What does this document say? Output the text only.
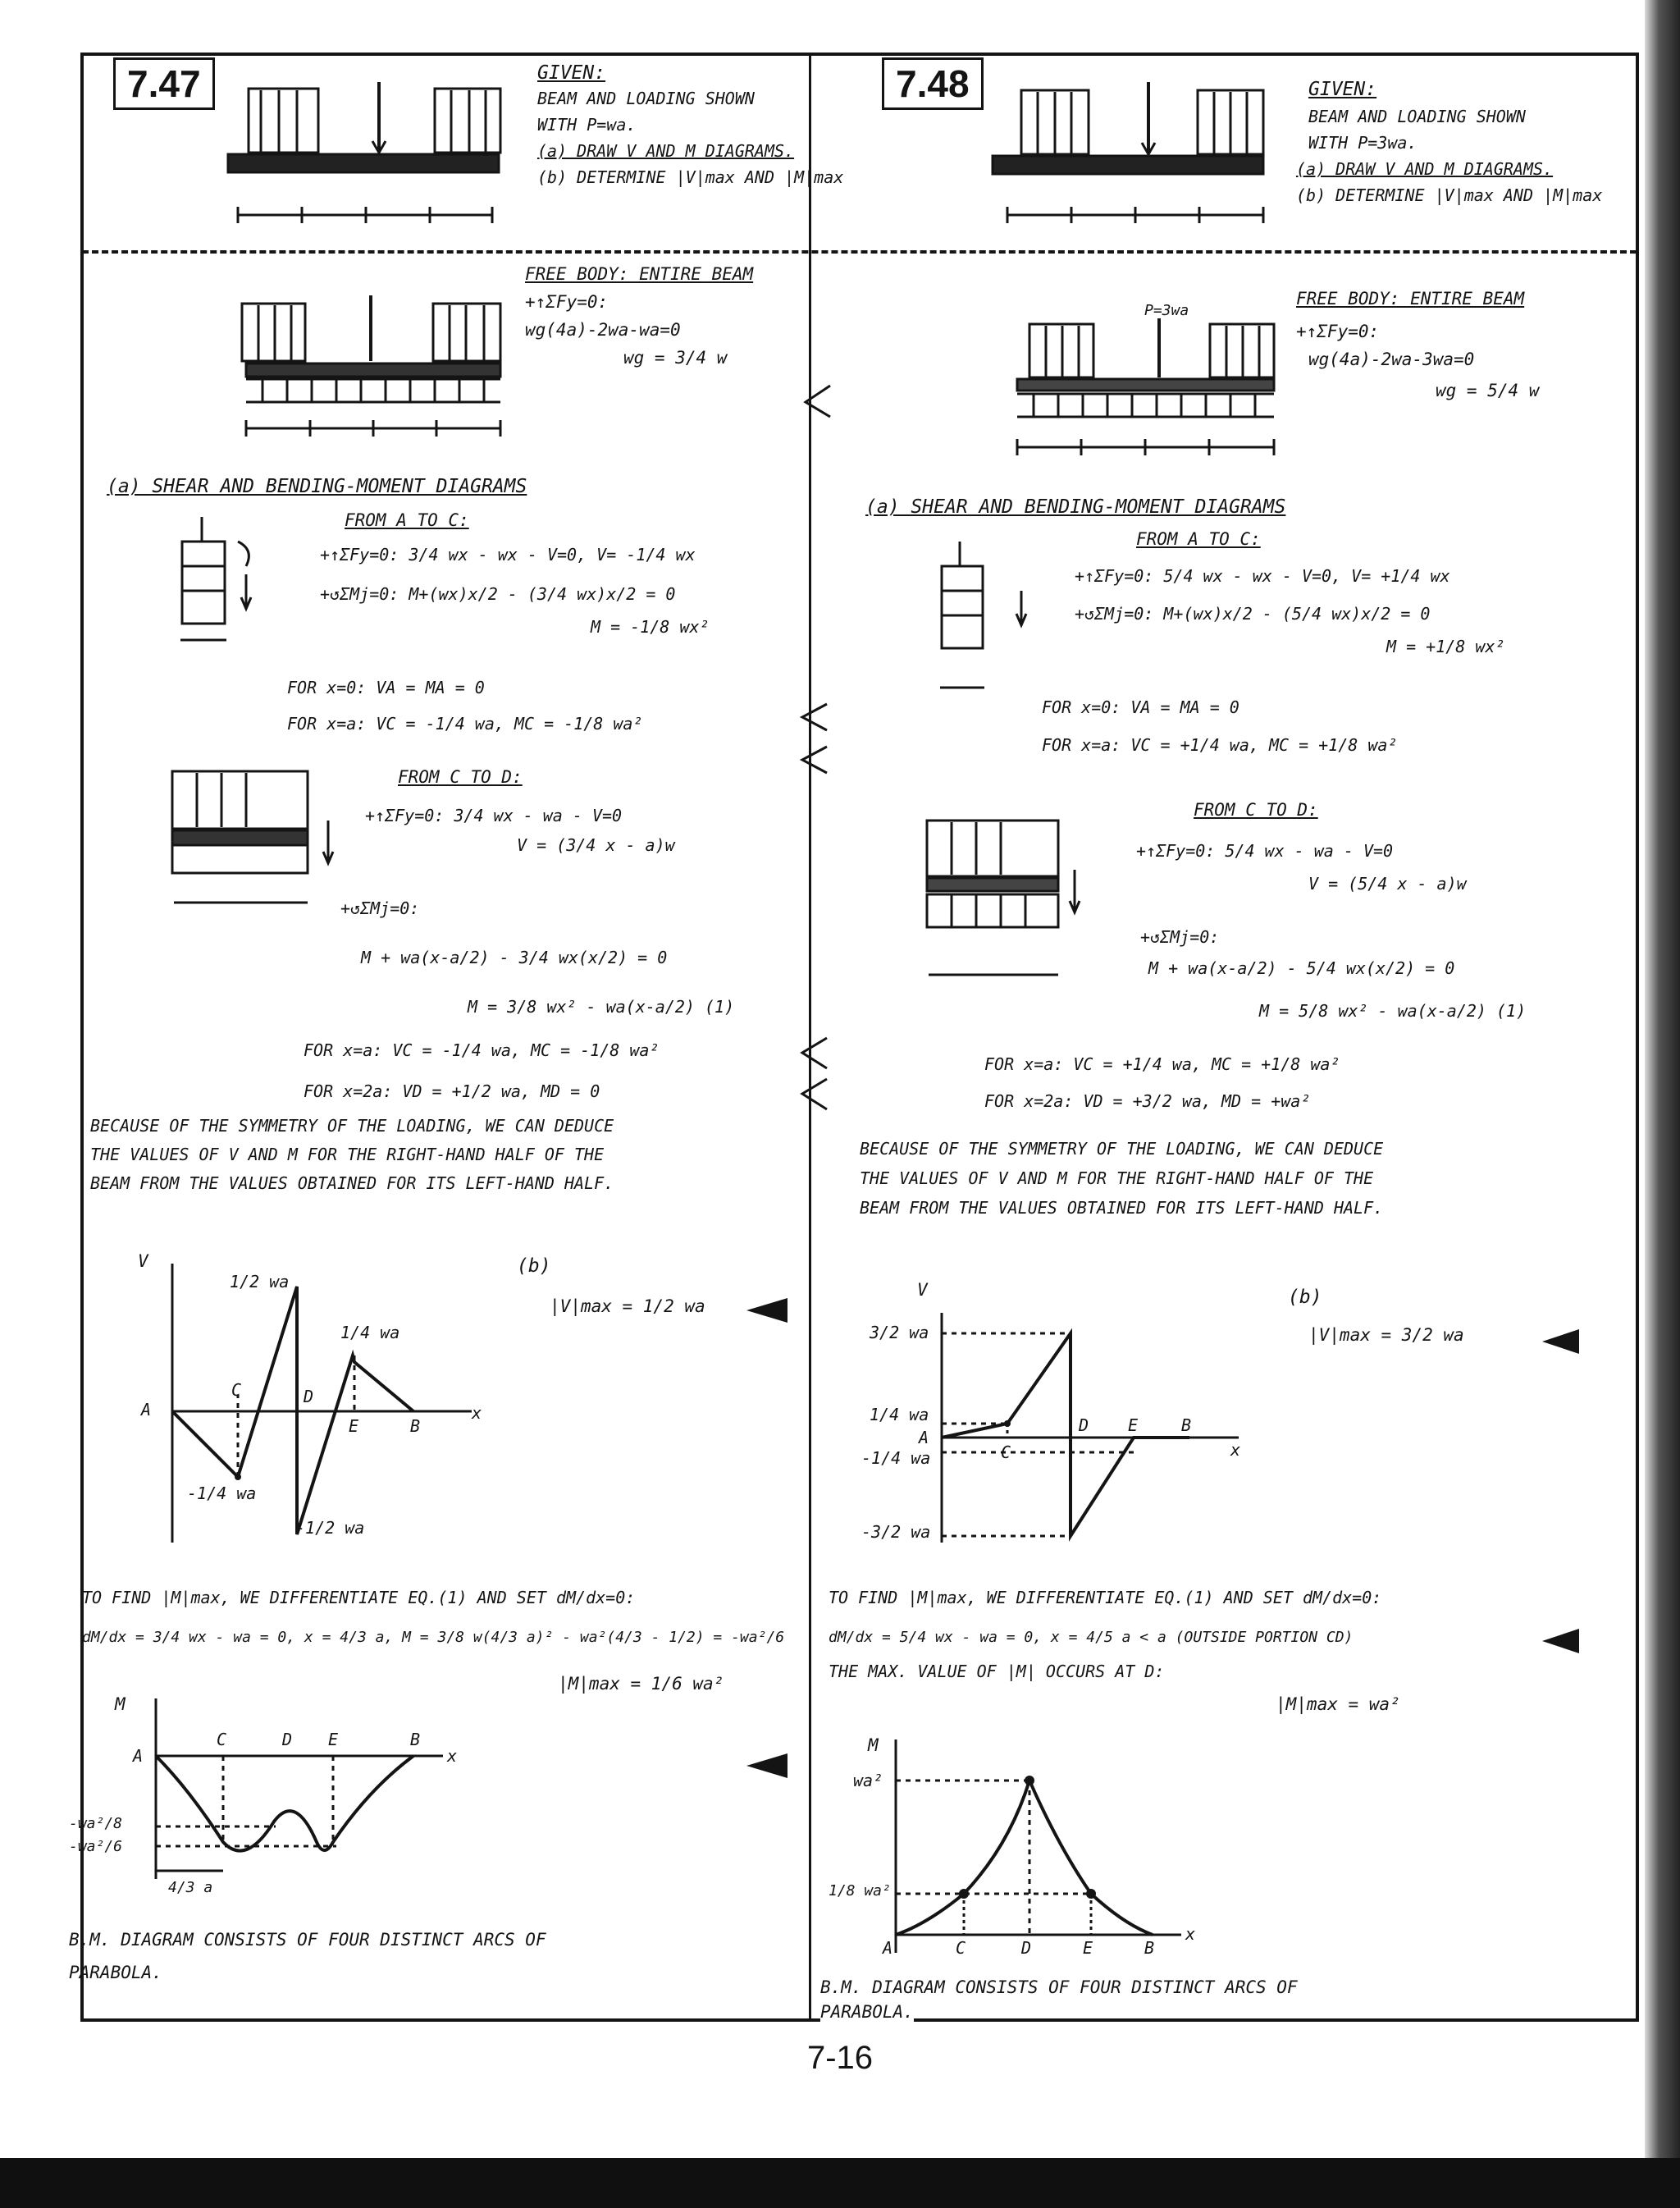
7.47	GIVEN:
BEAM AND LOADING SHOWN
WITH P=wa.
(a) DRAW V AND M DIAGRAMS.
(b) DETERMINE |V|max AND |M|max
FREE BODY: ENTIRE BEAM
+↑ΣFy=0:
wg(4a)-2wa-wa=0
wg = 3/4 w
(a) SHEAR AND BENDING-MOMENT DIAGRAMS
FROM A TO C:
+↑ΣFy=0: 3/4 wx - wx - V=0, V= -1/4 wx
+↺ΣMj=0: M+(wx)x/2 - (3/4 wx)x/2 = 0
M = -1/8 wx²
FOR x=0: VA = MA = 0
FOR x=a: VC = -1/4 wa, MC = -1/8 wa²
FROM C TO D:
+↑ΣFy=0: 3/4 wx - wa - V=0
V = (3/4 x - a)w
+↺ΣMj=0:
M + wa(x-a/2) - 3/4 wx(x/2) = 0
M = 3/8 wx² - wa(x-a/2) (1)
FOR x=a: VC = -1/4 wa, MC = -1/8 wa²
FOR x=2a: VD = +1/2 wa, MD = 0
BECAUSE OF THE SYMMETRY OF THE LOADING, WE CAN DEDUCE
THE VALUES OF V AND M FOR THE RIGHT-HAND HALF OF THE
BEAM FROM THE VALUES OBTAINED FOR ITS LEFT-HAND HALF.
(b)
|V|max = 1/2 wa
V
1/2 wa
1/4 wa
-1/4 wa
-1/2 wa
A
C	D
E	B
x
TO FIND |M|max, WE DIFFERENTIATE EQ.(1) AND SET dM/dx=0:
dM/dx = 3/4 wx - wa = 0, x = 4/3 a, M = 3/8 w(4/3 a)² - wa²(4/3 - 1/2) = -wa²/6
|M|max = 1/6 wa²
M
A
C	D E	B
x
-wa²/8
-wa²/6
4/3 a
B.M. DIAGRAM CONSISTS OF FOUR DISTINCT ARCS OF
PARABOLA.
7.48	GIVEN:
BEAM AND LOADING SHOWN
WITH P=3wa.
(a) DRAW V AND M DIAGRAMS.
(b) DETERMINE |V|max AND |M|max
P=3wa
FREE BODY: ENTIRE BEAM
+↑ΣFy=0:
wg(4a)-2wa-3wa=0
wg = 5/4 w
(a) SHEAR AND BENDING-MOMENT DIAGRAMS
FROM A TO C:
+↑ΣFy=0: 5/4 wx - wx - V=0, V= +1/4 wx
+↺ΣMj=0: M+(wx)x/2 - (5/4 wx)x/2 = 0
M = +1/8 wx²
FOR x=0: VA = MA = 0
FOR x=a: VC = +1/4 wa, MC = +1/8 wa²
FROM C TO D:
+↑ΣFy=0: 5/4 wx - wa - V=0
V = (5/4 x - a)w
+↺ΣMj=0:
M + wa(x-a/2) - 5/4 wx(x/2) = 0
M = 5/8 wx² - wa(x-a/2) (1)
FOR x=a: VC = +1/4 wa, MC = +1/8 wa²
FOR x=2a: VD = +3/2 wa, MD = +wa²
BECAUSE OF THE SYMMETRY OF THE LOADING, WE CAN DEDUCE
THE VALUES OF V AND M FOR THE RIGHT-HAND HALF OF THE
BEAM FROM THE VALUES OBTAINED FOR ITS LEFT-HAND HALF.
(b)
|V|max = 3/2 wa
V
3/2 wa
1/4 wa
-1/4 wa
-3/2 wa
A
C
D E	B
x
TO FIND |M|max, WE DIFFERENTIATE EQ.(1) AND SET dM/dx=0:
dM/dx = 5/4 wx - wa = 0, x = 4/5 a < a (OUTSIDE PORTION CD)
THE MAX. VALUE OF |M| OCCURS AT D:
|M|max = wa²
M
wa²
1/8 wa²
A	C	D	E	B
x
B.M. DIAGRAM CONSISTS OF FOUR DISTINCT ARCS OF
PARABOLA.
7-16
